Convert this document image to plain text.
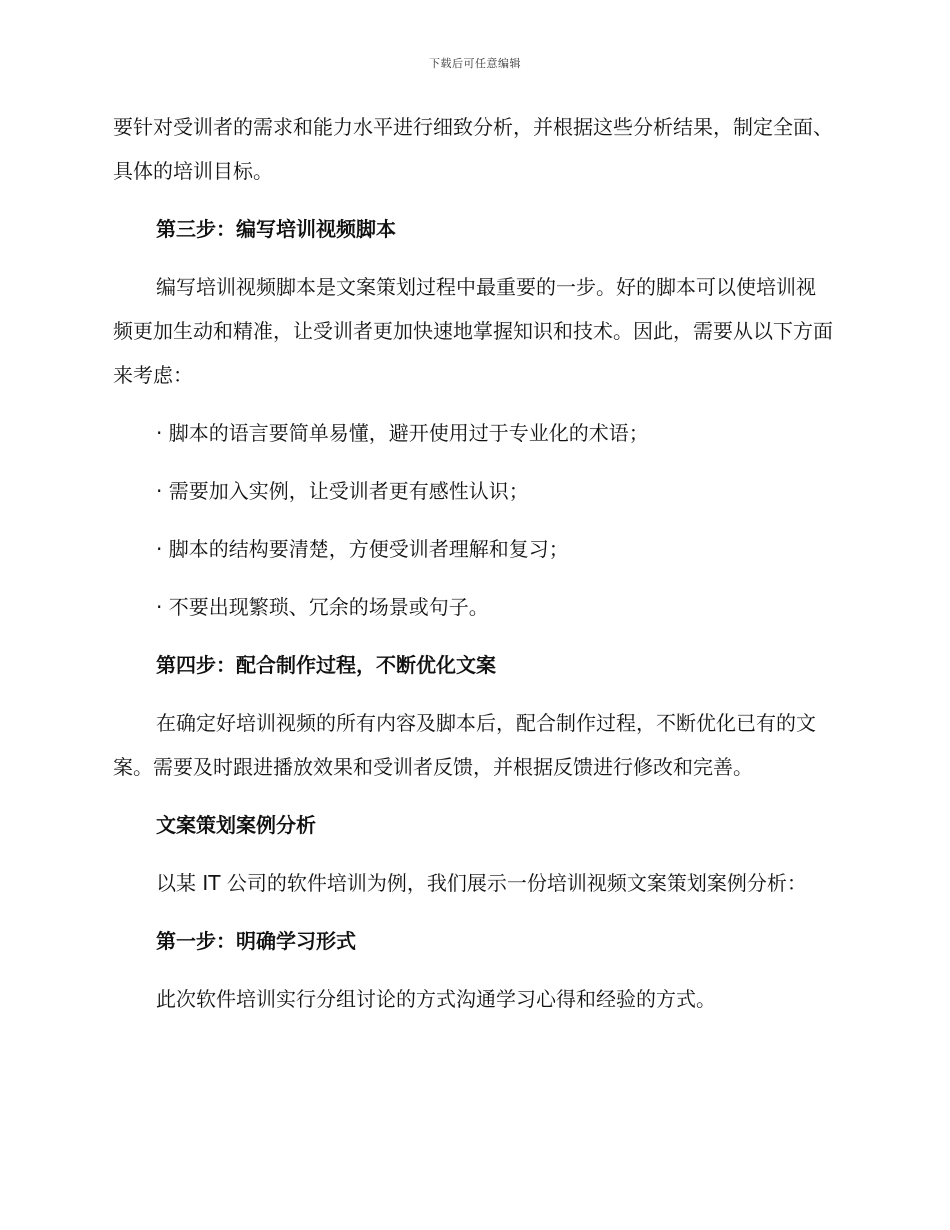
下载后可任意编辑

要针对受训者的需求和能力水平进行细致分析，并根据这些分析结果，制定全面、具体的培训目标。

第三步：编写培训视频脚本

编写培训视频脚本是文案策划过程中最重要的一步。好的脚本可以使培训视频更加生动和精准，让受训者更加快速地掌握知识和技术。因此，需要从以下方面来考虑：

· 脚本的语言要简单易懂，避开使用过于专业化的术语；
· 需要加入实例，让受训者更有感性认识；
· 脚本的结构要清楚，方便受训者理解和复习；
· 不要出现繁琐、冗余的场景或句子。
第四步：配合制作过程，不断优化文案

在确定好培训视频的所有内容及脚本后，配合制作过程，不断优化已有的文案。需要及时跟进播放效果和受训者反馈，并根据反馈进行修改和完善。

文案策划案例分析

以某 IT 公司的软件培训为例，我们展示一份培训视频文案策划案例分析：

第一步：明确学习形式

此次软件培训实行分组讨论的方式沟通学习心得和经验的方式。
